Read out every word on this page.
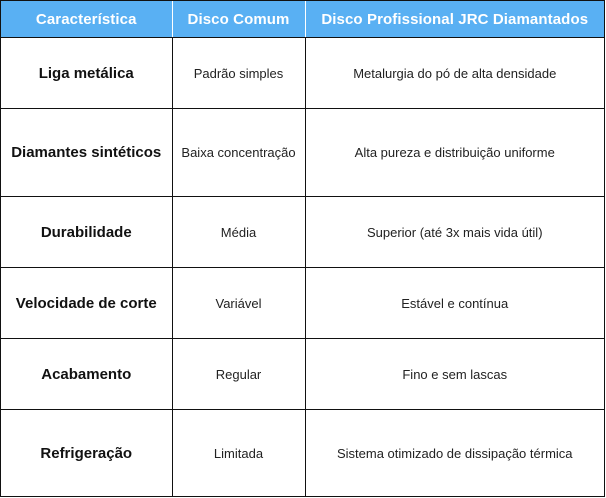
Característica	Disco Comum	Disco Profissional JRC Diamantados
Liga metálica	Padrão simples	Metalurgia do pó de alta densidade
Diamantes sintéticos	Baixa concentração	Alta pureza e distribuição uniforme
Durabilidade	Média	Superior (até 3x mais vida útil)
Velocidade de corte	Variável	Estável e contínua
Acabamento	Regular	Fino e sem lascas
Refrigeração	Limitada	Sistema otimizado de dissipação térmica
